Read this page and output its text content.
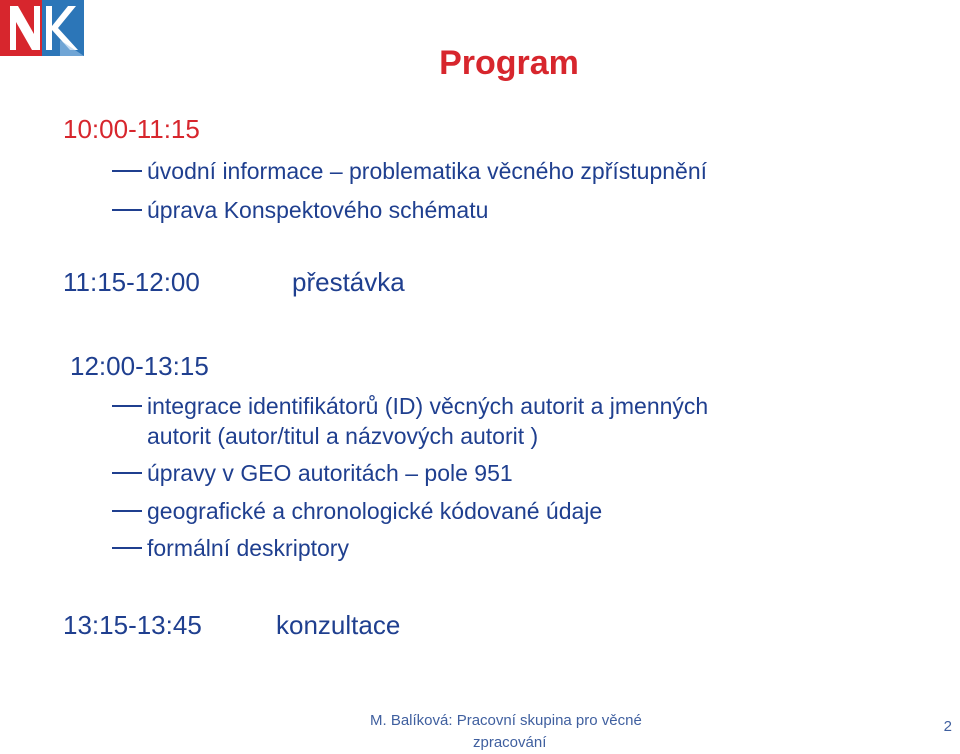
Program
10:00-11:15
úvodní informace – problematika věcného zpřístupnění
úprava Konspektového schématu
11:15-12:00	přestávka
12:00-13:15
integrace identifikátorů (ID) věcných autorit a jmenných
autorit (autor/titul a názvových autorit )
úpravy v GEO autoritách – pole 951
geografické a chronologické kódované údaje
formální deskriptory
13:15-13:45	konzultace
M. Balíková: Pracovní skupina pro věcné
zpracování
2
